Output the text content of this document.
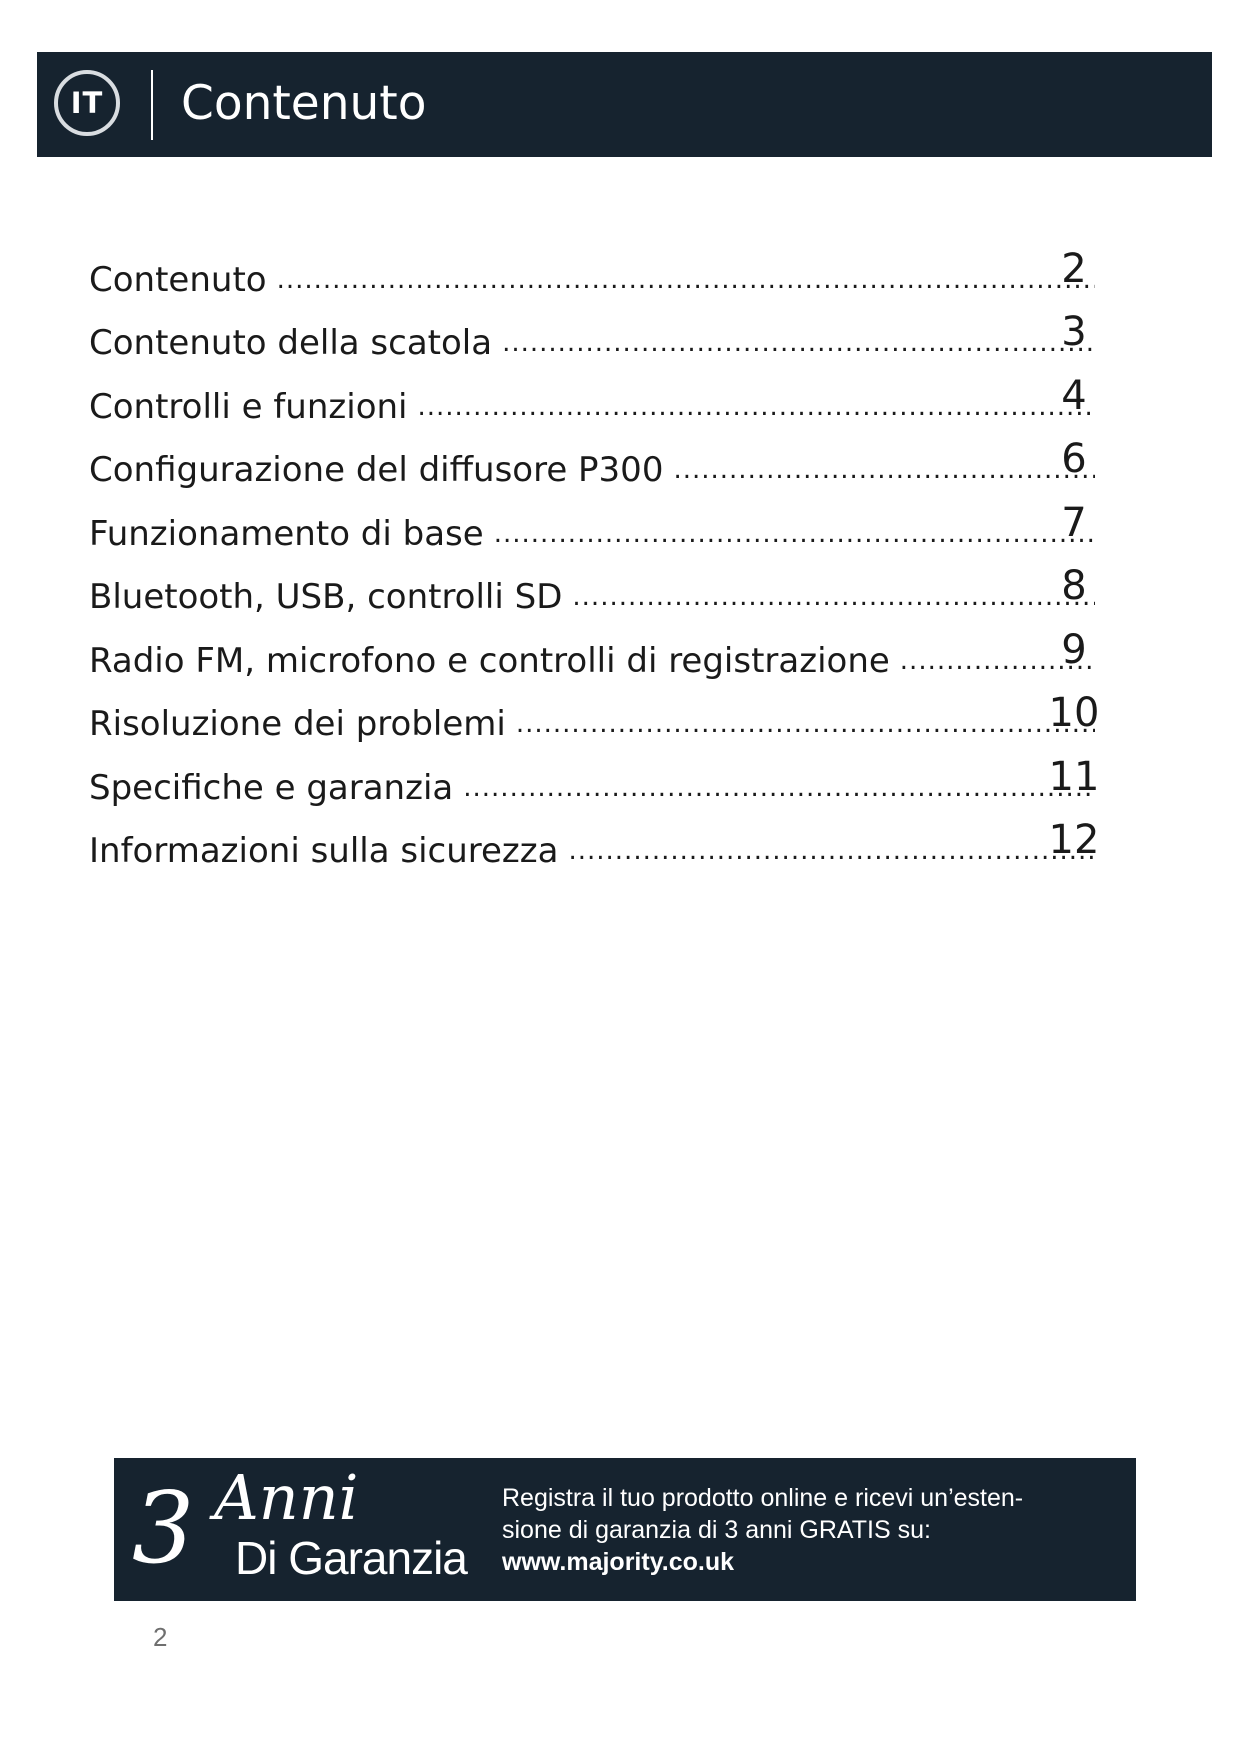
IT	Contenuto
Contenuto .....	2
Contenuto della scatola .....	3
Controlli e funzioni .....	4
Configurazione del diffusore P300 .....	6
Funzionamento di base .....	7
Bluetooth, USB, controlli SD .....	8
Radio FM, microfono e controlli di registrazione .....	9
Risoluzione dei problemi .....	10
Specifiche e garanzia .....	11
Informazioni sulla sicurezza .....	12
3 Anni
Di Garanzia
Registra il tuo prodotto online e ricevi un’esten-
sione di garanzia di 3 anni GRATIS su:
www.majority.co.uk
2
